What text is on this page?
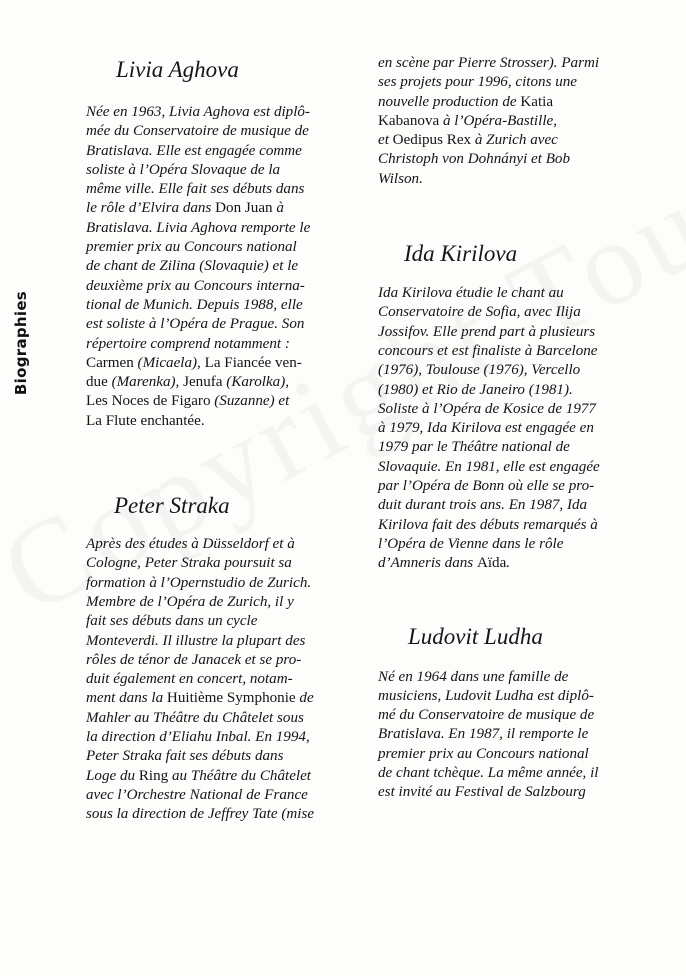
Biographies
Livia Aghova
Née en 1963, Livia Aghova est diplô-
mée du Conservatoire de musique de
Bratislava. Elle est engagée comme
soliste à l’Opéra Slovaque de la
même ville. Elle fait ses débuts dans
le rôle d’Elvira dans Don Juan à
Bratislava. Livia Aghova remporte le
premier prix au Concours national
de chant de Zilina (Slovaquie) et le
deuxième prix au Concours interna-
tional de Munich. Depuis 1988, elle
est soliste à l’Opéra de Prague. Son
répertoire comprend notamment :
Carmen (Micaela), La Fiancée ven-
due (Marenka), Jenufa (Karolka),
Les Noces de Figaro (Suzanne) et
La Flute enchantée.
Peter Straka
Après des études à Düsseldorf et à
Cologne, Peter Straka poursuit sa
formation à l’Opernstudio de Zurich.
Membre de l’Opéra de Zurich, il y
fait ses débuts dans un cycle
Monteverdi. Il illustre la plupart des
rôles de ténor de Janacek et se pro-
duit également en concert, notam-
ment dans la Huitième Symphonie de
Mahler au Théâtre du Châtelet sous
la direction d’Eliahu Inbal. En 1994,
Peter Straka fait ses débuts dans
Loge du Ring au Théâtre du Châtelet
avec l’Orchestre National de France
sous la direction de Jeffrey Tate (mise
en scène par Pierre Strosser). Parmi
ses projets pour 1996, citons une
nouvelle production de Katia
Kabanova à l’Opéra-Bastille,
et Oedipus Rex à Zurich avec
Christoph von Dohnányi et Bob
Wilson.
Ida Kirilova
Ida Kirilova étudie le chant au
Conservatoire de Sofia, avec Ilija
Jossifov. Elle prend part à plusieurs
concours et est finaliste à Barcelone
(1976), Toulouse (1976), Vercello
(1980) et Rio de Janeiro (1981).
Soliste à l’Opéra de Kosice de 1977
à 1979, Ida Kirilova est engagée en
1979 par le Théâtre national de
Slovaquie. En 1981, elle est engagée
par l’Opéra de Bonn où elle se pro-
duit durant trois ans. En 1987, Ida
Kirilova fait des débuts remarqués à
l’Opéra de Vienne dans le rôle
d’Amneris dans Aïda.
Ludovit Ludha
Né en 1964 dans une famille de
musiciens, Ludovit Ludha est diplô-
mé du Conservatoire de musique de
Bratislava. En 1987, il remporte le
premier prix au Concours national
de chant tchèque. La même année, il
est invité au Festival de Salzbourg
